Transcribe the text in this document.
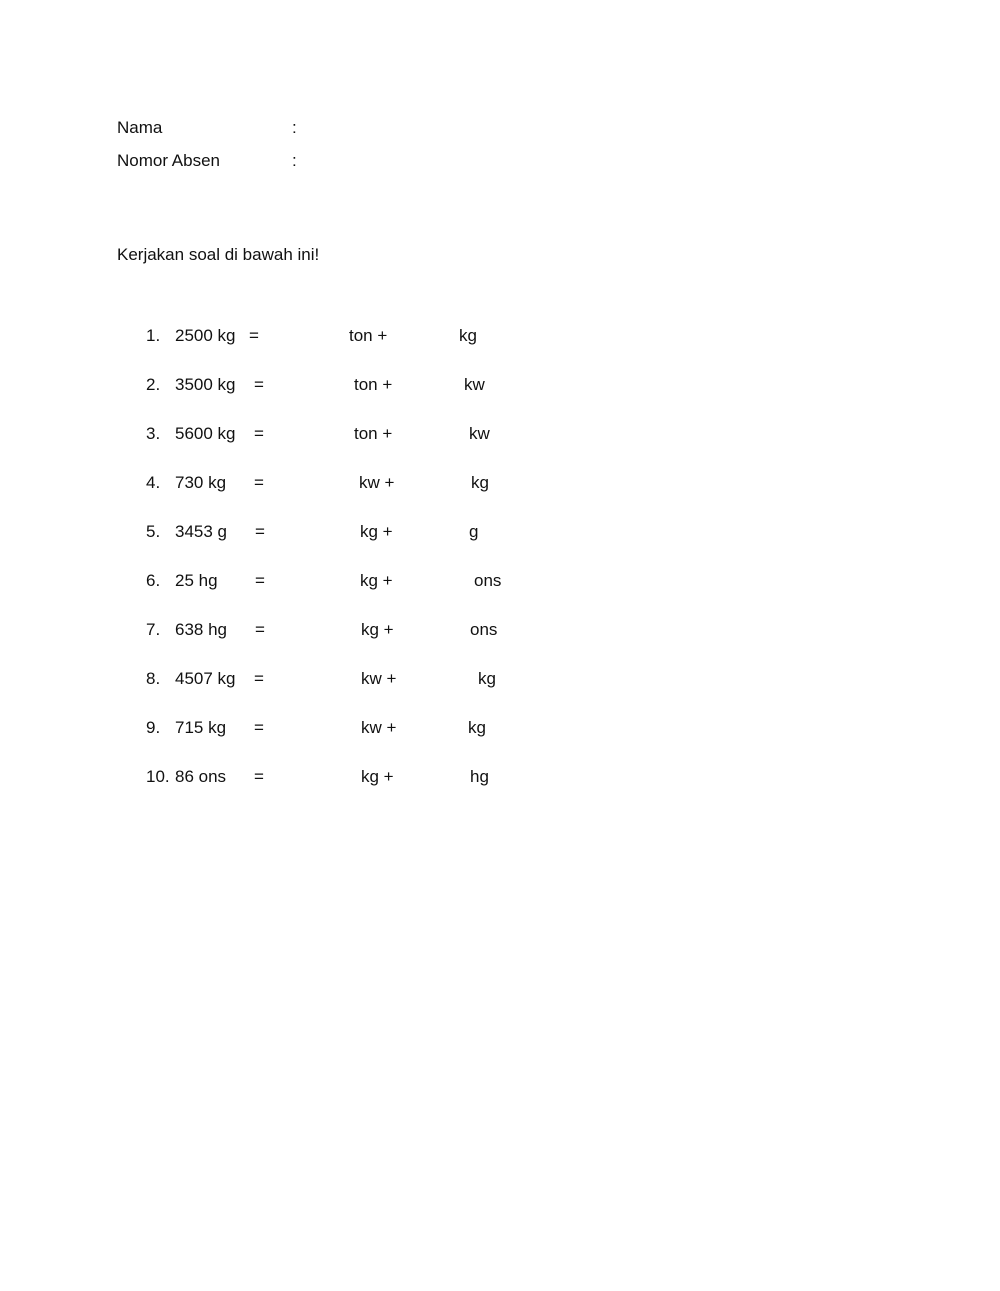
Nama	:
Nomor Absen	:
Kerjakan soal di bawah ini!
1. 2500 kg =	ton +	kg
2. 3500 kg =	ton +	kw
3. 5600 kg =	ton +	kw
4. 730 kg =	kw +	kg
5. 3453 g =	kg +	g
6. 25 hg =	kg +	ons
7. 638 hg =	kg +	ons
8. 4507 kg =	kw +	kg
9. 715 kg =	kw +	kg
10. 86 ons =	kg +	hg
